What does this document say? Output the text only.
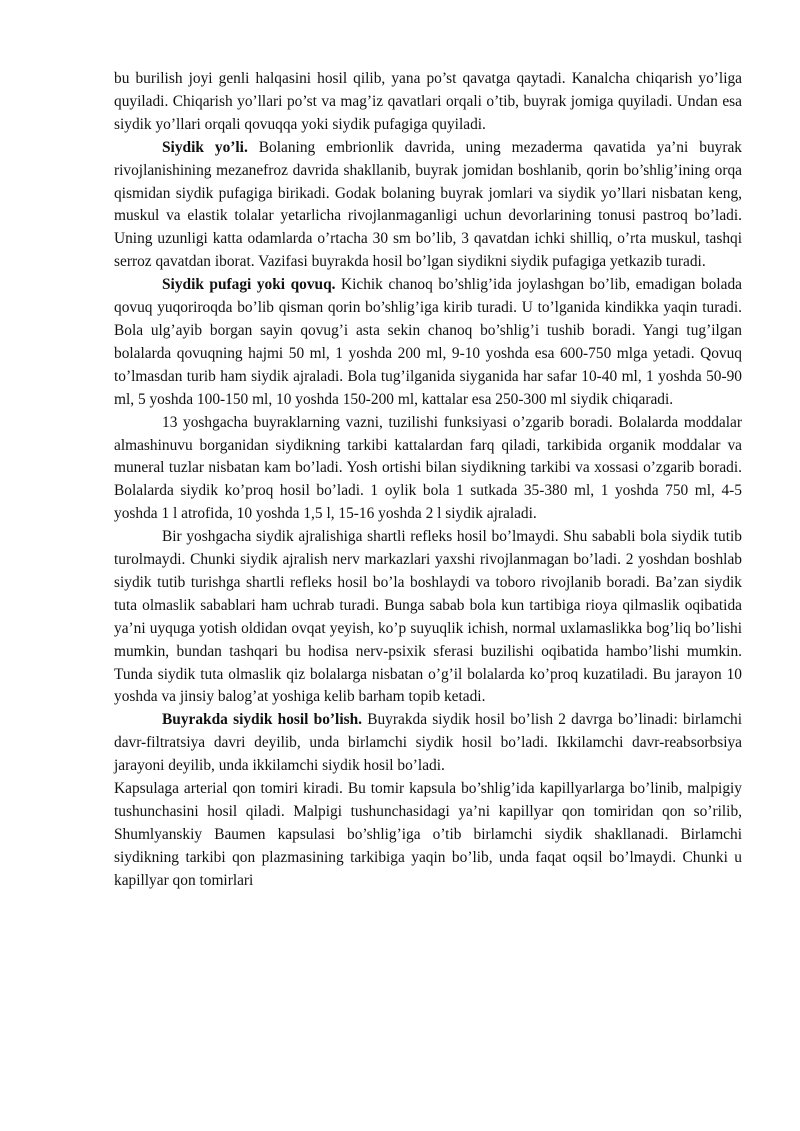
bu burilish joyi genli halqasini hosil qilib, yana po’st qavatga qaytadi. Kanalcha chiqarish yo’liga quyiladi. Chiqarish yo’llari po’st va mag’iz qavatlari orqali o’tib, buyrak jomiga quyiladi. Undan esa siydik yo’llari orqali qovuqqa yoki siydik pufagiga quyiladi.

Siydik yo’li. Bolaning embrionlik davrida, uning mezaderma qavatida ya’ni buyrak rivojlanishining mezanefroz davrida shakllanib, buyrak jomidan boshlanib, qorin bo’shlig’ining orqa qismidan siydik pufagiga birikadi. Godak bolaning buyrak jomlari va siydik yo’llari nisbatan keng, muskul va elastik tolalar yetarlicha rivojlanmaganligi uchun devorlarining tonusi pastroq bo’ladi. Uning uzunligi katta odamlarda o’rtacha 30 sm bo’lib, 3 qavatdan ichki shilliq, o’rta muskul, tashqi serroz qavatdan iborat. Vazifasi buyrakda hosil bo’lgan siydikni siydik pufagiga yetkazib turadi.

Siydik pufagi yoki qovuq. Kichik chanoq bo’shlig’ida joylashgan bo’lib, emadigan bolada qovuq yuqoriroqda bo’lib qisman qorin bo’shlig’iga kirib turadi. U to’lganida kindikka yaqin turadi. Bola ulg’ayib borgan sayin qovug’i asta sekin chanoq bo’shlig’i tushib boradi. Yangi tug’ilgan bolalarda qovuqning hajmi 50 ml, 1 yoshda 200 ml, 9-10 yoshda esa 600-750 mlga yetadi. Qovuq to’lmasdan turib ham siydik ajraladi. Bola tug’ilganida siyganida har safar 10-40 ml, 1 yoshda 50-90 ml, 5 yoshda 100-150 ml, 10 yoshda 150-200 ml, kattalar esa 250-300 ml siydik chiqaradi.

13 yoshgacha buyraklarning vazni, tuzilishi funksiyasi o’zgarib boradi. Bolalarda moddalar almashinuvu borganidan siydikning tarkibi kattalardan farq qiladi, tarkibida organik moddalar va muneral tuzlar nisbatan kam bo’ladi. Yosh ortishi bilan siydikning tarkibi va xossasi o’zgarib boradi. Bolalarda siydik ko’proq hosil bo’ladi. 1 oylik bola 1 sutkada 35-380 ml, 1 yoshda 750 ml, 4-5 yoshda 1 l atrofida, 10 yoshda 1,5 l, 15-16 yoshda 2 l siydik ajraladi.

Bir yoshgacha siydik ajralishiga shartli refleks hosil bo’lmaydi. Shu sababli bola siydik tutib turolmaydi. Chunki siydik ajralish nerv markazlari yaxshi rivojlanmagan bo’ladi. 2 yoshdan boshlab siydik tutib turishga shartli refleks hosil bo’la boshlaydi va toboro rivojlanib boradi. Ba’zan siydik tuta olmaslik sabablari ham uchrab turadi. Bunga sabab bola kun tartibiga rioya qilmaslik oqibatida ya’ni uyquga yotish oldidan ovqat yeyish, ko’p suyuqlik ichish, normal uxlamaslikka bog’liq bo’lishi mumkin, bundan tashqari bu hodisa nerv-psixik sferasi buzilishi oqibatida hambo’lishi mumkin. Tunda siydik tuta olmaslik qiz bolalarga nisbatan o’g’il bolalarda ko’proq kuzatiladi. Bu jarayon 10 yoshda va jinsiy balog’at yoshiga kelib barham topib ketadi.

Buyrakda siydik hosil bo’lish. Buyrakda siydik hosil bo’lish 2 davrga bo’linadi: birlamchi davr-filtratsiya davri deyilib, unda birlamchi siydik hosil bo’ladi. Ikkilamchi davr-reabsorbsiya jarayoni deyilib, unda ikkilamchi siydik hosil bo’ladi.

Kapsulaga arterial qon tomiri kiradi. Bu tomir kapsula bo’shlig’ida kapillyarlarga bo’linib, malpigiy tushunchasini hosil qiladi. Malpigi tushunchasidagi ya’ni kapillyar qon tomiridan qon so’rilib, Shumlyanskiy Baumen kapsulasi bo’shlig’iga o’tib birlamchi siydik shakllanadi. Birlamchi siydikning tarkibi qon plazmasining tarkibiga yaqin bo’lib, unda faqat oqsil bo’lmaydi. Chunki u kapillyar qon tomirlari
